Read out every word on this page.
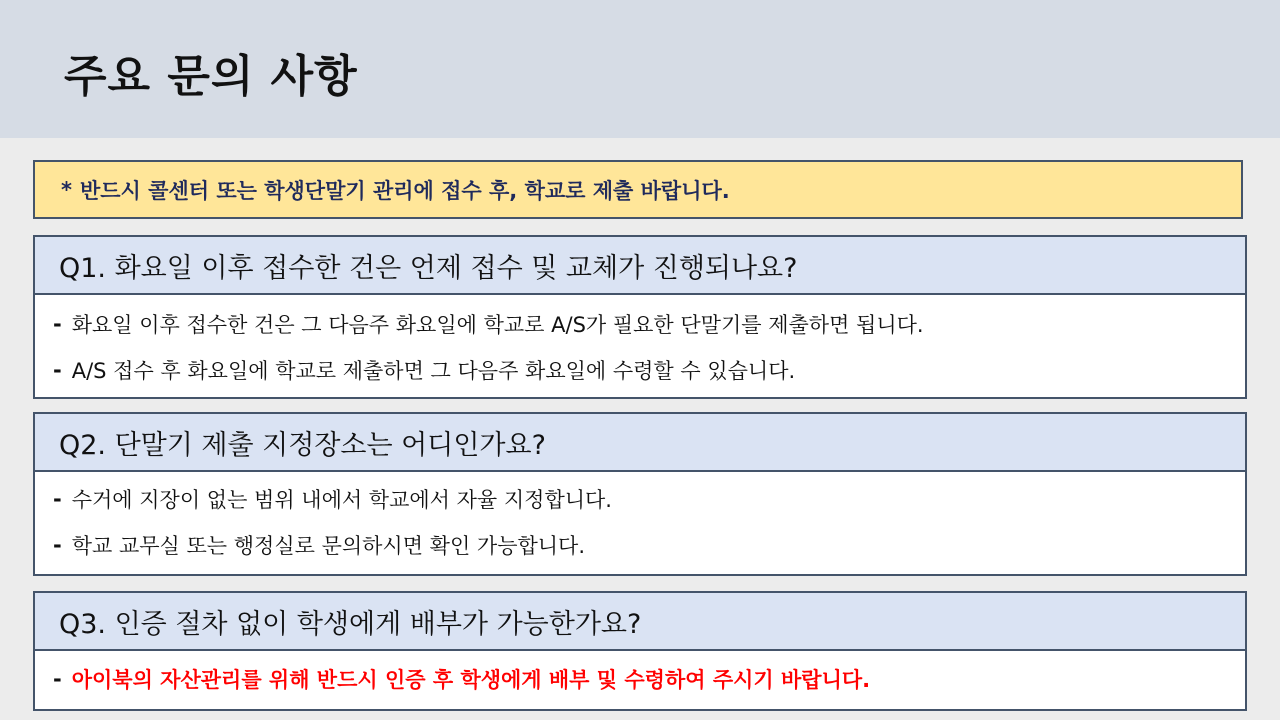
주요 문의 사항
* 반드시 콜센터 또는 학생단말기 관리에 접수 후, 학교로 제출 바랍니다.
Q1. 화요일 이후 접수한 건은 언제 접수 및 교체가 진행되나요?
- 화요일 이후 접수한 건은 그 다음주 화요일에 학교로 A/S가 필요한 단말기를 제출하면 됩니다.
- A/S 접수 후 화요일에 학교로 제출하면 그 다음주 화요일에 수령할 수 있습니다.
Q2. 단말기 제출 지정장소는 어디인가요?
- 수거에 지장이 없는 범위 내에서 학교에서 자율 지정합니다.
- 학교 교무실 또는 행정실로 문의하시면 확인 가능합니다.
Q3. 인증 절차 없이 학생에게 배부가 가능한가요?
- 아이북의 자산관리를 위해 반드시 인증 후 학생에게 배부 및 수령하여 주시기 바랍니다.
